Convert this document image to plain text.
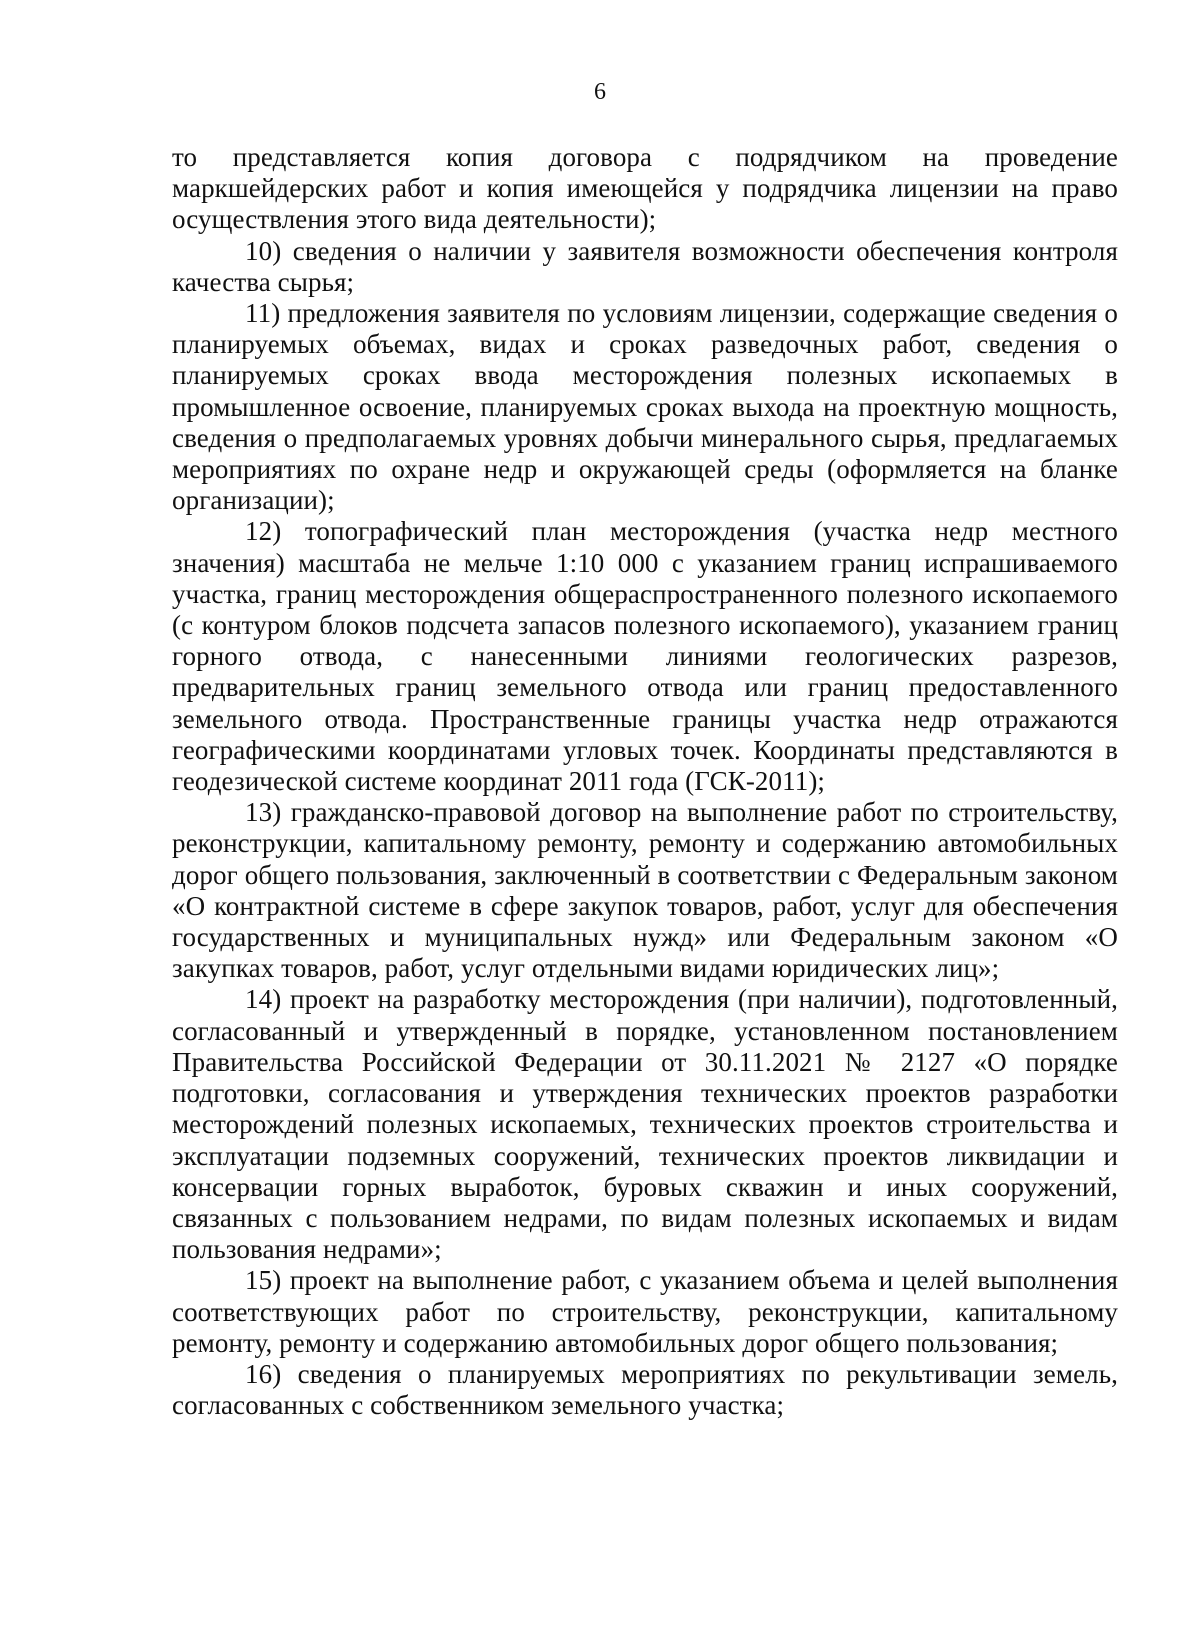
6

то представляется копия договора с подрядчиком на проведение маркшейдерских работ и копия имеющейся у подрядчика лицензии на право осуществления этого вида деятельности);

10) сведения о наличии у заявителя возможности обеспечения контроля качества сырья;

11) предложения заявителя по условиям лицензии, содержащие сведения о планируемых объемах, видах и сроках разведочных работ, сведения о планируемых сроках ввода месторождения полезных ископаемых в промышленное освоение, планируемых сроках выхода на проектную мощность, сведения о предполагаемых уровнях добычи минерального сырья, предлагаемых мероприятиях по охране недр и окружающей среды (оформляется на бланке организации);

12) топографический план месторождения (участка недр местного значения) масштаба не мельче 1:10 000 с указанием границ испрашиваемого участка, границ месторождения общераспространенного полезного ископаемого (с контуром блоков подсчета запасов полезного ископаемого), указанием границ горного отвода, с нанесенными линиями геологических разрезов, предварительных границ земельного отвода или границ предоставленного земельного отвода. Пространственные границы участка недр отражаются географическими координатами угловых точек. Координаты представляются в геодезической системе координат 2011 года (ГСК-2011);

13) гражданско-правовой договор на выполнение работ по строительству, реконструкции, капитальному ремонту, ремонту и содержанию автомобильных дорог общего пользования, заключенный в соответствии с Федеральным законом «О контрактной системе в сфере закупок товаров, работ, услуг для обеспечения государственных и муниципальных нужд» или Федеральным законом «О закупках товаров, работ, услуг отдельными видами юридических лиц»;

14) проект на разработку месторождения (при наличии), подготовленный, согласованный и утвержденный в порядке, установленном постановлением Правительства Российской Федерации от 30.11.2021 № 2127 «О порядке подготовки, согласования и утверждения технических проектов разработки месторождений полезных ископаемых, технических проектов строительства и эксплуатации подземных сооружений, технических проектов ликвидации и консервации горных выработок, буровых скважин и иных сооружений, связанных с пользованием недрами, по видам полезных ископаемых и видам пользования недрами»;

15) проект на выполнение работ, с указанием объема и целей выполнения соответствующих работ по строительству, реконструкции, капитальному ремонту, ремонту и содержанию автомобильных дорог общего пользования;

16) сведения о планируемых мероприятиях по рекультивации земель, согласованных с собственником земельного участка;
